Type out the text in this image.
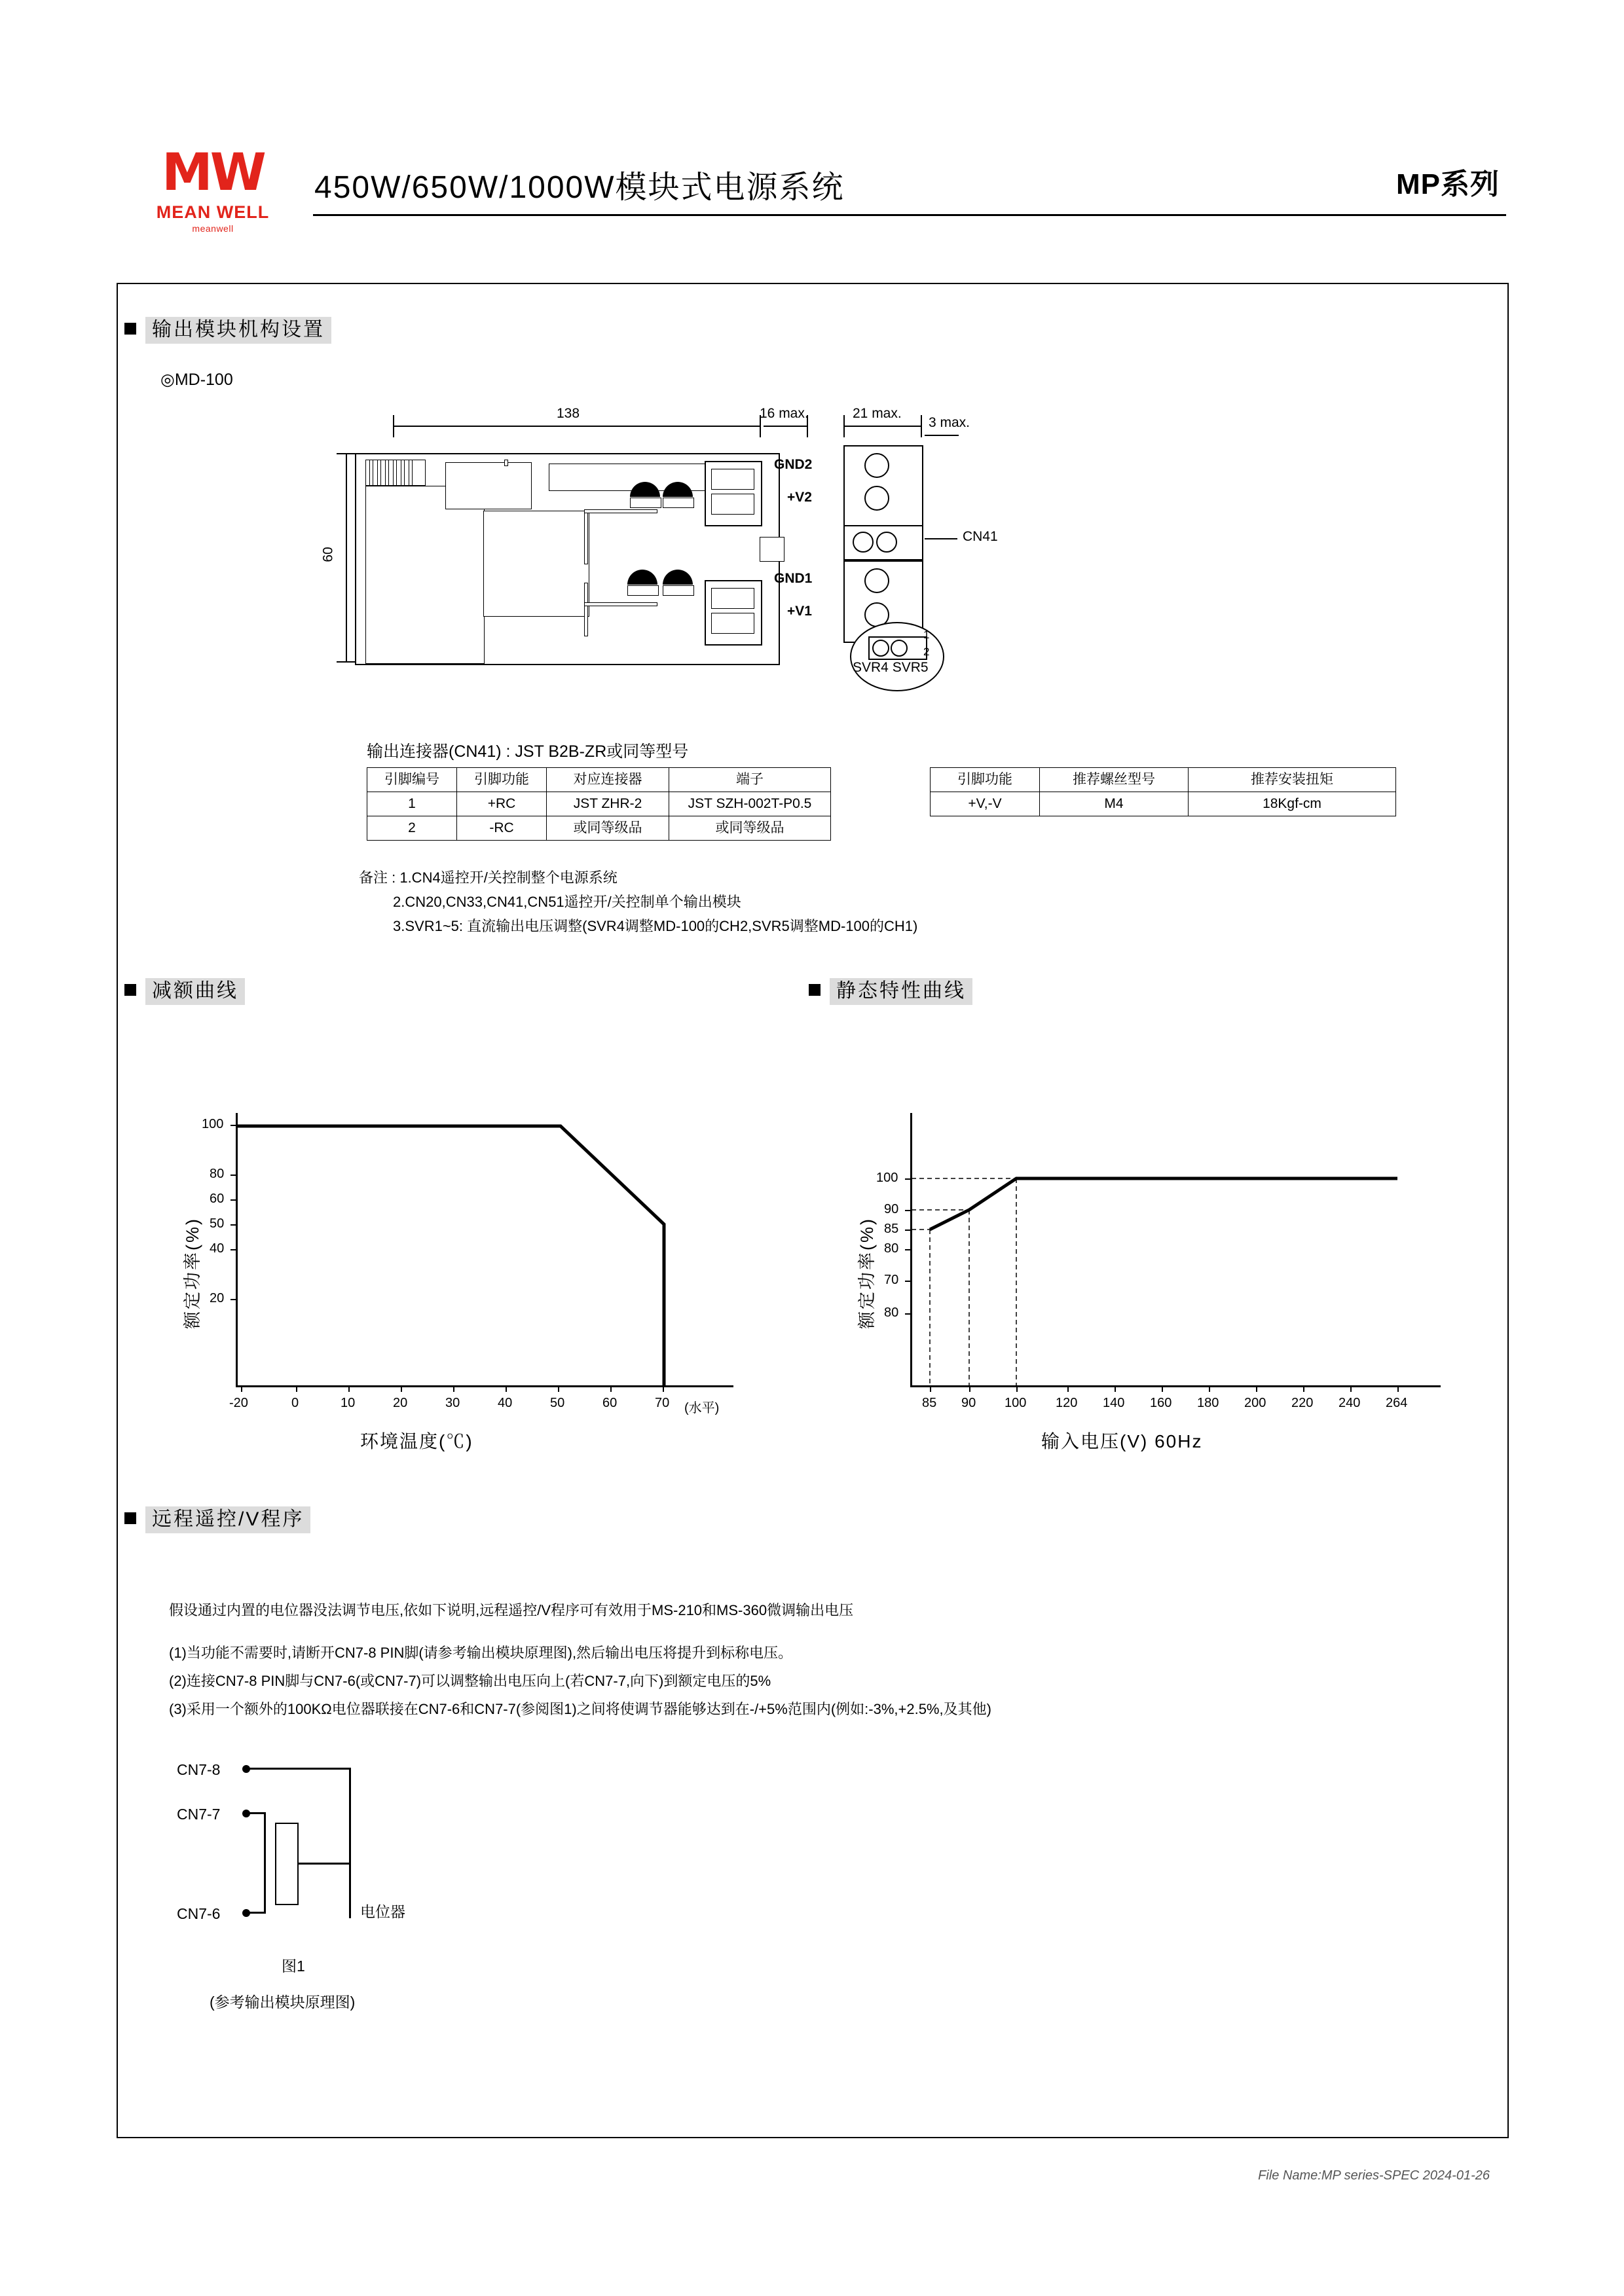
MW
MEAN WELL
meanwell
450W/650W/1000W模块式电源系统	MP系列
输出模块机构设置
◎MD-100
138	16 max.	21 max.
3 max.
60
GND2
+V2
GND1
+V1
CN41
1
2
SVR4 SVR5
输出连接器(CN41) : JST B2B-ZR或同等型号
引脚编号	引脚功能	对应连接器	端子
1	+RC	JST ZHR-2	JST SZH-002T-P0.5
2	-RC	或同等级品	或同等级品
引脚功能	推荐螺丝型号	推荐安装扭矩
+V,-V	M4	18Kgf-cm
备注 : 1.CN4遥控开/关控制整个电源系统
2.CN20,CN33,CN41,CN51遥控开/关控制单个输出模块
3.SVR1~5: 直流输出电压调整(SVR4调整MD-100的CH2,SVR5调整MD-100的CH1)
减额曲线
100
80
60
50
40
20
-20	0	10	20	30	40	50	60	70 (水平)
额定功率(%)
环境温度(℃)
静态特性曲线
100
90
85
80
70
80
85 90 100 120 140 160 180 200 220 240 264
额定功率(%)
输入电压(V) 60Hz
远程遥控/V程序
假设通过内置的电位器没法调节电压,依如下说明,远程遥控/V程序可有效用于MS-210和MS-360微调输出电压
(1)当功能不需要时,请断开CN7-8 PIN脚(请参考输出模块原理图),然后输出电压将提升到标称电压。
(2)连接CN7-8 PIN脚与CN7-6(或CN7-7)可以调整输出电压向上(若CN7-7,向下)到额定电压的5%
(3)采用一个额外的100KΩ电位器联接在CN7-6和CN7-7(参阅图1)之间将使调节器能够达到在-/+5%范围内(例如:-3%,+2.5%,及其他)
CN7-8
CN7-7
CN7-6	电位器
图1
(参考输出模块原理图)
File Name:MP series-SPEC 2024-01-26
